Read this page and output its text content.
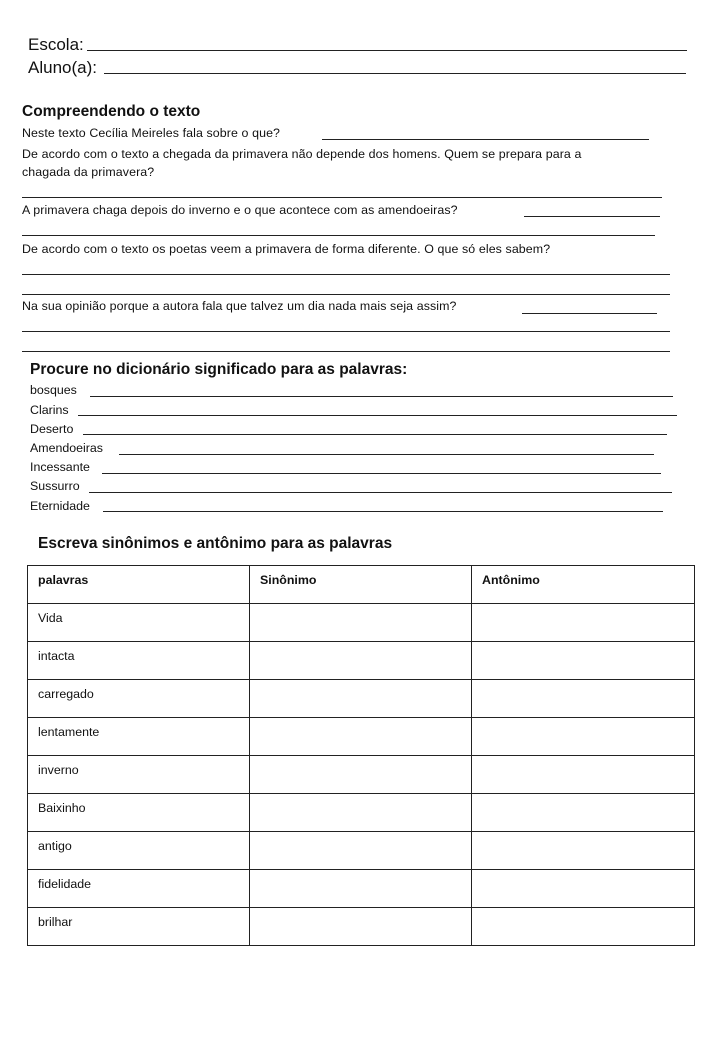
Escola:
Aluno(a):
Compreendendo o texto
Neste texto Cecília Meireles fala sobre o que?
De acordo com o texto a chegada da primavera não depende dos homens. Quem se prepara para a
chagada da primavera?
A primavera chaga depois do inverno e o que acontece com as amendoeiras?
De acordo com o texto os poetas veem a primavera de forma diferente. O que só eles sabem?
Na sua opinião porque a autora fala que talvez um dia nada mais seja assim?
Procure no dicionário significado para as palavras:
bosques
Clarins
Deserto
Amendoeiras
Incessante
Sussurro
Eternidade
Escreva sinônimos e antônimo para as palavras
palavras	Sinônimo	Antônimo
Vida		
intacta		
carregado		
lentamente		
inverno		
Baixinho		
antigo		
fidelidade		
brilhar		
